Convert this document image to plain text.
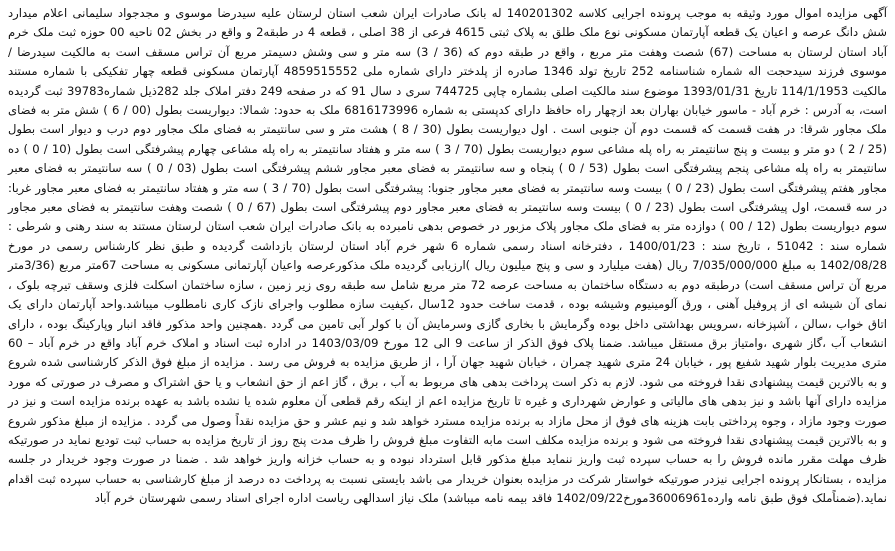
آگهی مزایده اموال مورد وثیقه به موجب پرونده اجرایی کلاسه 140201302 له بانک صادرات ایران شعب استان لرستان علیه سیدرضا موسوی و مجدجواد سلیمانی اعلام میدارد شش دانگ عرصه و اعیان یک قطعه آپارتمان مسکونی نوع ملک طلق به پلاک ثبتی 4615 فرعی از 38 اصلی ، قطعه 4 در طبقه2 و واقع در بخش 02 ناحیه 00 حوزه ثبت ملک خرم آباد استان لرستان به مساحت (67) شصت وهفت متر مربع ، واقع در طبقه دوم که (36 / 3) سه متر و سی وشش دسیمتر مربع آن تراس مسقف است به مالکیت سیدرضا / موسوی فرزند سیدحجت اله شماره شناسنامه 252 تاریخ تولد 1346 صادره از پلدختر دارای شماره ملی 4859515552 آپارتمان مسکونی قطعه چهار تفکیکی با شماره مستند مالکیت 114/1/1953 تاریخ 1393/01/31 موضوع سند مالکیت اصلی بشماره چاپی 744725 سری د سال 91 که در صفحه 249 دفتر املاک جلد 282ذیل شماره39783 ثبت گردیده است، به آدرس : خرم آباد - ماسور خیابان بهاران بعد ازچهار راه حافظ دارای کدپستی به شماره 6816173996 ملک به حدود: شمالا: دیواریست بطول (00 / 6 ) شش متر به فضای ملک مجاور شرقا: در هفت قسمت که قسمت دوم آن جنوبی است . اول دیواریست بطول (30 / 8 ) هشت متر و سی سانتیمتر به فضای ملک مجاور دوم درب و دیوار است بطول (25 / 2 ) دو متر و بیست و پنج سانتیمتر به راه پله مشاعی سوم دیواریست بطول (70 / 3 ) سه متر و هفتاد سانتیمتر به راه پله مشاعی چهارم پیشرفتگی است بطول (10 / 0 ) ده سانتیمتر به راه پله مشاعی پنجم پیشرفتگی است بطول (53 / 0 ) پنجاه و سه سانتیمتر به فضای معبر مجاور ششم پیشرفتگی است بطول (03 / 0 ) سه سانتیمتر به فضای معبر مجاور هفتم پیشرفتگی است بطول (23 / 0 ) بیست وسه سانتیمتر به فضای معبر مجاور جنوبا: پیشرفتگی است بطول (70 / 3 ) سه متر و هفتاد سانتیمتر به فضای معبر مجاور غربا: در سه قسمت، اول پیشرفتگی است بطول (23 / 0 ) بیست وسه سانتیمتر به فضای معبر مجاور دوم پیشرفتگی است بطول (67 / 0 ) شصت وهفت سانتیمتر به فضای معبر مجاور سوم دیواریست بطول (12 / 00 ) دوازده متر به فضای ملک مجاور پلاک مزبور در خصوص بدهی نامبرده به بانک صادرات ایران شعب استان لرستان مستند به سند رهنی و شرطی : شماره سند : 51042 ، تاریخ سند : 1400/01/23 ، دفترخانه اسناد رسمی شماره 6 شهر خرم آباد استان لرستان بازداشت گردیده و طبق نظر کارشناس رسمی در مورخ 1402/08/28 به مبلغ 7/035/000/000 ریال (هفت میلیارد و سی و پنج میلیون ریال )ارزیابی گردیده ملک مذکورعرصه واعیان آپارتمانی مسکونی به مساحت 67متر مربع (3/36متر مربع آن تراس مسقف است) درطبقه دوم به دستگاه ساختمان به مساحت عرصه 72 متر مربع شامل سه طبقه روی زیر زمین ، سازه ساختمان اسکلت فلزی وسقف تیرچه بلوک ، نمای آن شیشه ای از پروفیل آهنی ، ورق آلومینیوم وشیشه بوده ، قدمت ساخت حدود 12سال ،کیفیت سازه مطلوب واجرای نازک کاری نامطلوب میباشد.واحد آپارتمان دارای یک اتاق خواب ،سالن ، آشپزخانه ،سرویس بهداشتی داخل بوده وگرمایش با بخاری گازی وسرمایش آن با کولر آبی تامین می گردد .همچنین واحد مذکور فاقد انبار وپارکینگ بوده ، دارای انشعاب آب ،گاز شهری ،وامتیاز برق مستقل میباشد. ضمنا پلاک فوق الذکر از ساعت 9 الی 12 مورخ 1403/03/09 در اداره ثبت اسناد و املاک خرم آباد واقع در خرم آباد – 60 متری مدیریت بلوار شهید شفیع پور ، خیابان 24 متری شهید چمران ، خیابان شهید جهان آرا ، از طریق مزایده به فروش می رسد . مزایده از مبلغ فوق الذکر کارشناسی شده شروع و به بالاترین قیمت پیشنهادی نقدا فروخته می شود. لازم به ذکر است پرداخت بدهی های مربوط به آب ، برق ، گاز اعم از حق انشعاب و یا حق اشتراک و مصرف در صورتی که مورد مزایده دارای آنها باشد و نیز بدهی های مالیاتی و عوارض شهرداری و غیره تا تاریخ مزایده اعم از اینکه رقم قطعی آن معلوم شده یا نشده باشد به عهده برنده مزایده است و نیز در صورت وجود مازاد ، وجوه پرداختی بابت هزینه های فوق از محل مازاد به برنده مزایده مسترد خواهد شد و نیم عشر و حق مزایده نقداً وصول می گردد . مزایده از مبلغ مذکور شروع و به بالاترین قیمت پیشنهادی نقدا فروخته می شود و برنده مزایده مکلف است مابه التفاوت مبلغ فروش را ظرف مدت پنج روز از تاریخ مزایده به حساب ثبت تودیع نماید در صورتیکه ظرف مهلت مقرر مانده فروش را به حساب سپرده ثبت واریز ننماید مبلغ مذکور قابل استرداد نبوده و به حساب خزانه واریز خواهد شد . ضمنا در صورت وجود خریدار در جلسه مزایده ، بستانکار پرونده اجرایی نیزدر صورتیکه خواستار شرکت در مزایده بعنوان خریدار می باشد بایستی نسبت به پرداخت ده درصد از مبلغ کارشناسی به حساب سپرده ثبت اقدام نماید.(ضمناًملک فوق طبق نامه وارده36006961مورخ1402/09/22 فاقد بیمه نامه میباشد) ملک نیاز اسدالهی ریاست اداره اجرای اسناد رسمی شهرستان خرم آباد
